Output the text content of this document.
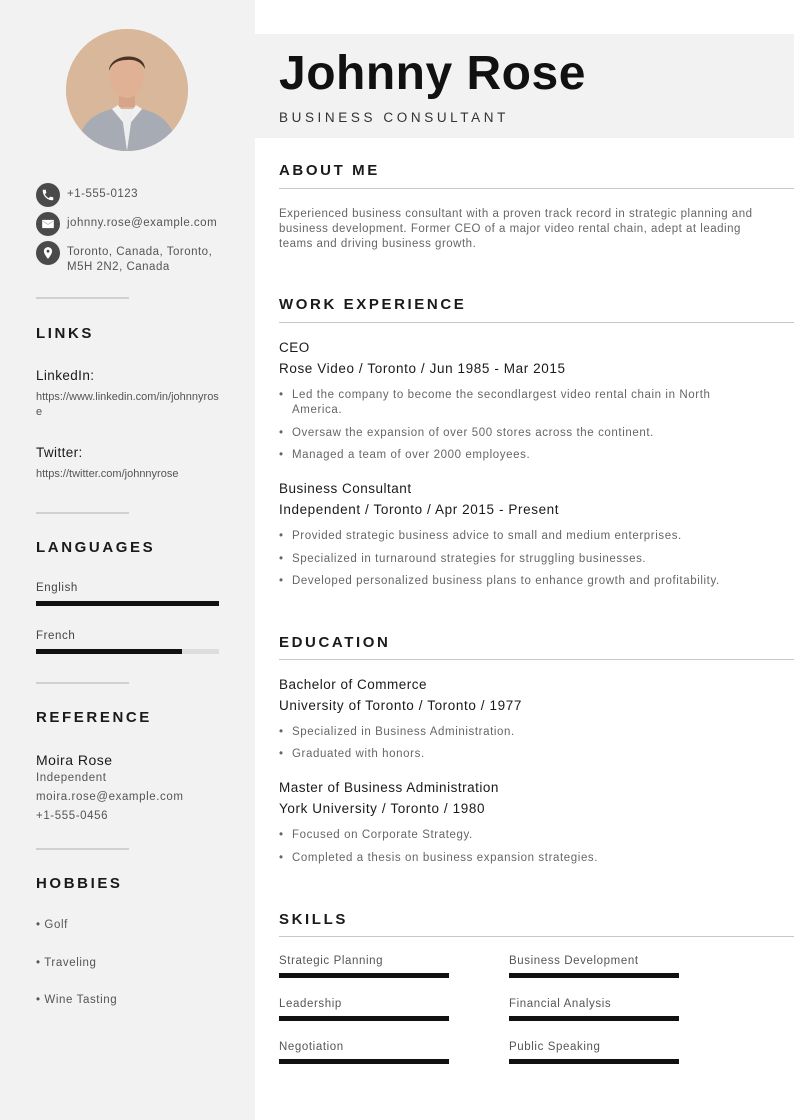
+1-555-0123
johnny.rose@example.com
Toronto, Canada, Toronto, M5H 2N2, Canada
LINKS
LinkedIn:
https://www.linkedin.com/in/johnnyrose
Twitter:
https://twitter.com/johnnyrose
LANGUAGES
English
French
REFERENCE
Moira Rose
Independent
moira.rose@example.com
+1-555-0456
HOBBIES
• Golf
• Traveling
• Wine Tasting
Johnny Rose
BUSINESS CONSULTANT
ABOUT ME
Experienced business consultant with a proven track record in strategic planning and business development. Former CEO of a major video rental chain, adept at leading teams and driving business growth.
WORK EXPERIENCE
CEO
Rose Video / Toronto / Jun 1985 - Mar 2015
• Led the company to become the secondlargest video rental chain in North America.
• Oversaw the expansion of over 500 stores across the continent.
• Managed a team of over 2000 employees.
Business Consultant
Independent / Toronto / Apr 2015 - Present
• Provided strategic business advice to small and medium enterprises.
• Specialized in turnaround strategies for struggling businesses.
• Developed personalized business plans to enhance growth and profitability.
EDUCATION
Bachelor of Commerce
University of Toronto / Toronto / 1977
• Specialized in Business Administration.
• Graduated with honors.
Master of Business Administration
York University / Toronto / 1980
• Focused on Corporate Strategy.
• Completed a thesis on business expansion strategies.
SKILLS
Strategic Planning	Business Development
Leadership	Financial Analysis
Negotiation	Public Speaking
